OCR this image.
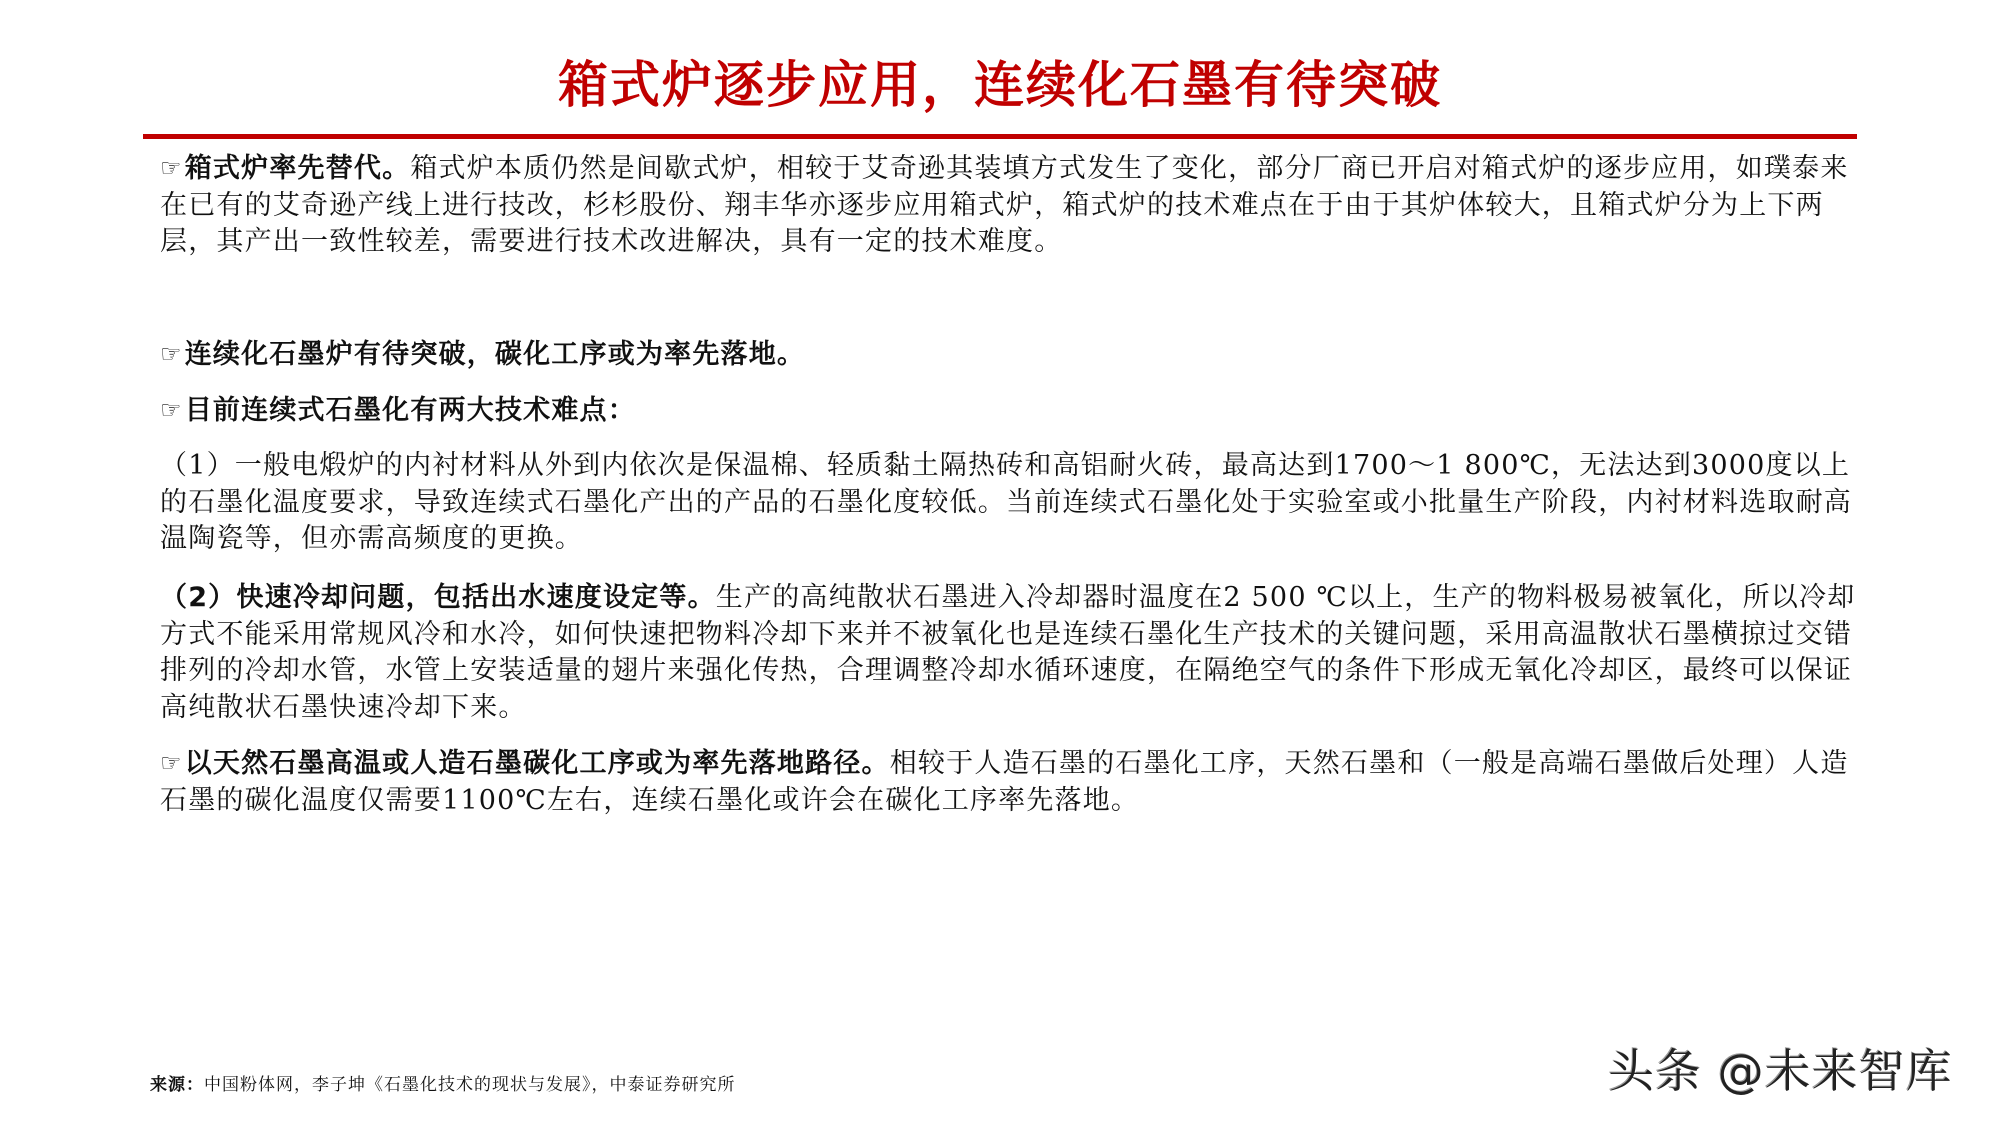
箱式炉逐步应用，连续化石墨有待突破
☞箱式炉率先替代。箱式炉本质仍然是间歇式炉，相较于艾奇逊其装填方式发生了变化，部分厂商已开启对箱式炉的逐步应用，如璞泰来在已有的艾奇逊产线上进行技改，杉杉股份、翔丰华亦逐步应用箱式炉，箱式炉的技术难点在于由于其炉体较大，且箱式炉分为上下两层，其产出一致性较差，需要进行技术改进解决，具有一定的技术难度。
☞连续化石墨炉有待突破，碳化工序或为率先落地。
☞目前连续式石墨化有两大技术难点：
（1）一般电煅炉的内衬材料从外到内依次是保温棉、轻质黏土隔热砖和高铝耐火砖，最高达到1700～1 800℃，无法达到3000度以上的石墨化温度要求，导致连续式石墨化产出的产品的石墨化度较低。当前连续式石墨化处于实验室或小批量生产阶段，内衬材料选取耐高温陶瓷等，但亦需高频度的更换。
（2）快速冷却问题，包括出水速度设定等。生产的高纯散状石墨进入冷却器时温度在2 500 ℃以上，生产的物料极易被氧化，所以冷却方式不能采用常规风冷和水冷，如何快速把物料冷却下来并不被氧化也是连续石墨化生产技术的关键问题，采用高温散状石墨横掠过交错排列的冷却水管，水管上安装适量的翅片来强化传热，合理调整冷却水循环速度，在隔绝空气的条件下形成无氧化冷却区，最终可以保证高纯散状石墨快速冷却下来。
☞以天然石墨高温或人造石墨碳化工序或为率先落地路径。相较于人造石墨的石墨化工序，天然石墨和（一般是高端石墨做后处理）人造石墨的碳化温度仅需要1100℃左右，连续石墨化或许会在碳化工序率先落地。
来源：中国粉体网，李子坤《石墨化技术的现状与发展》，中泰证券研究所	头条 @未来智库
